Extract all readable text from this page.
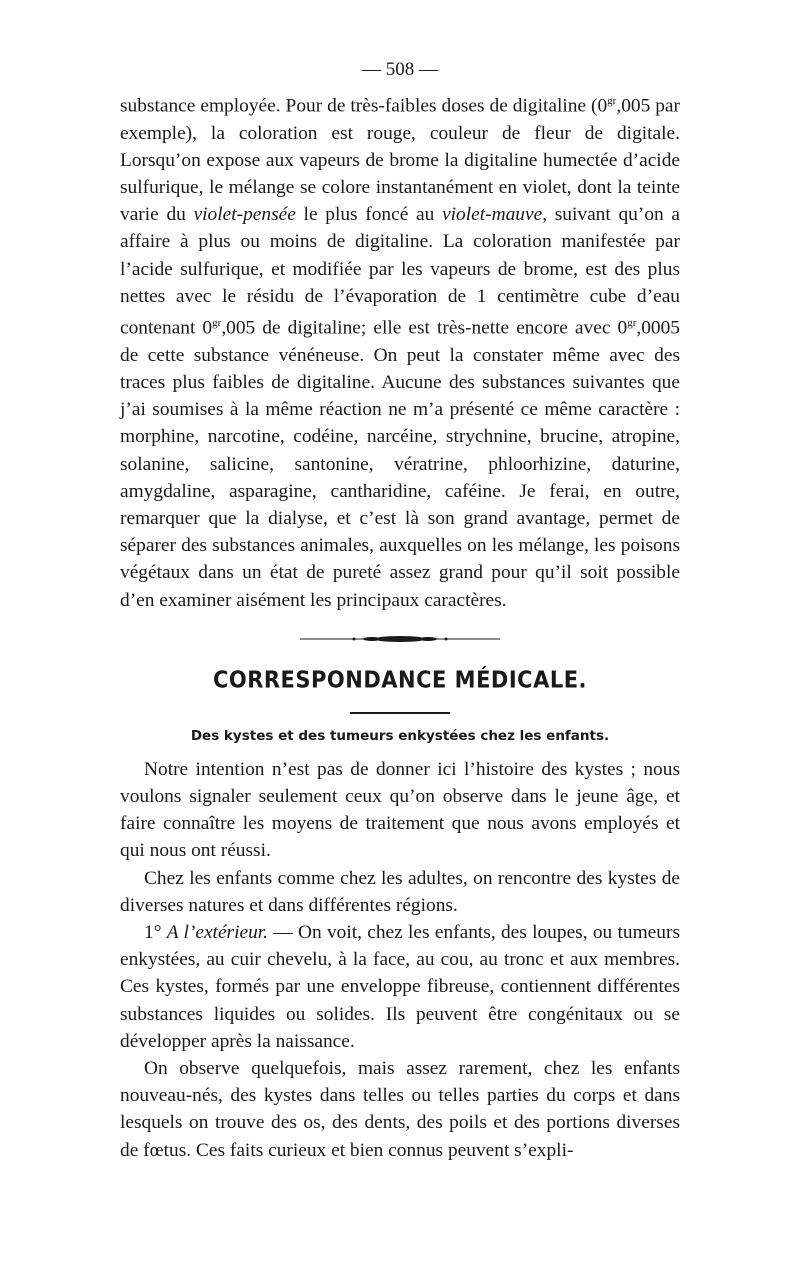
— 508 —

substance employée. Pour de très-faibles doses de digitaline ($0^{gr},005$ par exemple), la coloration est rouge, couleur de fleur de digitale. Lorsqu’on expose aux vapeurs de brome la digitaline humectée d’acide sulfurique, le mélange se colore instantanément en violet, dont la teinte varie du violet-pensée le plus foncé au violet-mauve, suivant qu’on a affaire à plus ou moins de digitaline. La coloration manifestée par l’acide sulfurique, et modifiée par les vapeurs de brome, est des plus nettes avec le résidu de l’évaporation de 1 centimètre cube d’eau contenant $0^{gr},005$ de digitaline; elle est très-nette encore avec $0^{gr},0005$ de cette substance vénéneuse. On peut la constater même avec des traces plus faibles de digitaline. Aucune des substances suivantes que j’ai soumises à la même réaction ne m’a présenté ce même caractère : morphine, narcotine, codéine, narcéine, strychnine, brucine, atropine, solanine, salicine, santonine, vératrine, phloorhizine, daturine, amygdaline, asparagine, cantharidine, caféine. Je ferai, en outre, remarquer que la dialyse, et c’est là son grand avantage, permet de séparer des substances animales, auxquelles on les mélange, les poisons végétaux dans un état de pureté assez grand pour qu’il soit possible d’en examiner aisément les principaux caractères.

CORRESPONDANCE MÉDICALE.
Des kystes et des tumeurs enkystées chez les enfants.

Notre intention n’est pas de donner ici l’histoire des kystes ; nous voulons signaler seulement ceux qu’on observe dans le jeune âge, et faire connaître les moyens de traitement que nous avons employés et qui nous ont réussi.

Chez les enfants comme chez les adultes, on rencontre des kystes de diverses natures et dans différentes régions.

1° A l’extérieur. — On voit, chez les enfants, des loupes, ou tumeurs enkystées, au cuir chevelu, à la face, au cou, au tronc et aux membres. Ces kystes, formés par une enveloppe fibreuse, contiennent différentes substances liquides ou solides. Ils peuvent être congénitaux ou se développer après la naissance.

On observe quelquefois, mais assez rarement, chez les enfants nouveau-nés, des kystes dans telles ou telles parties du corps et dans lesquels on trouve des os, des dents, des poils et des portions diverses de fœtus. Ces faits curieux et bien connus peuvent s’expli-
